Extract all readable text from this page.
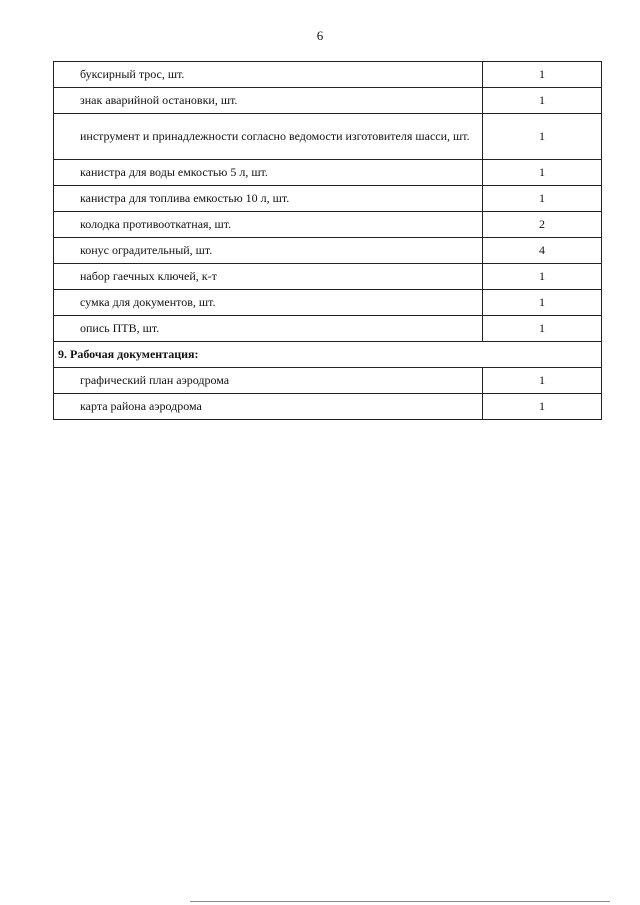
6
буксирный трос, шт.	1
знак аварийной остановки, шт.	1
инструмент и принадлежности согласно ведомости изготовителя шасси, шт.	1
канистра для воды емкостью 5 л, шт.	1
канистра для топлива емкостью 10 л, шт.	1
колодка противооткатная, шт.	2
конус оградительный, шт.	4
набор гаечных ключей, к-т	1
сумка для документов, шт.	1
опись ПТВ, шт.	1
9. Рабочая документация:	
графический план аэродрома	1
карта района аэродрома	1
